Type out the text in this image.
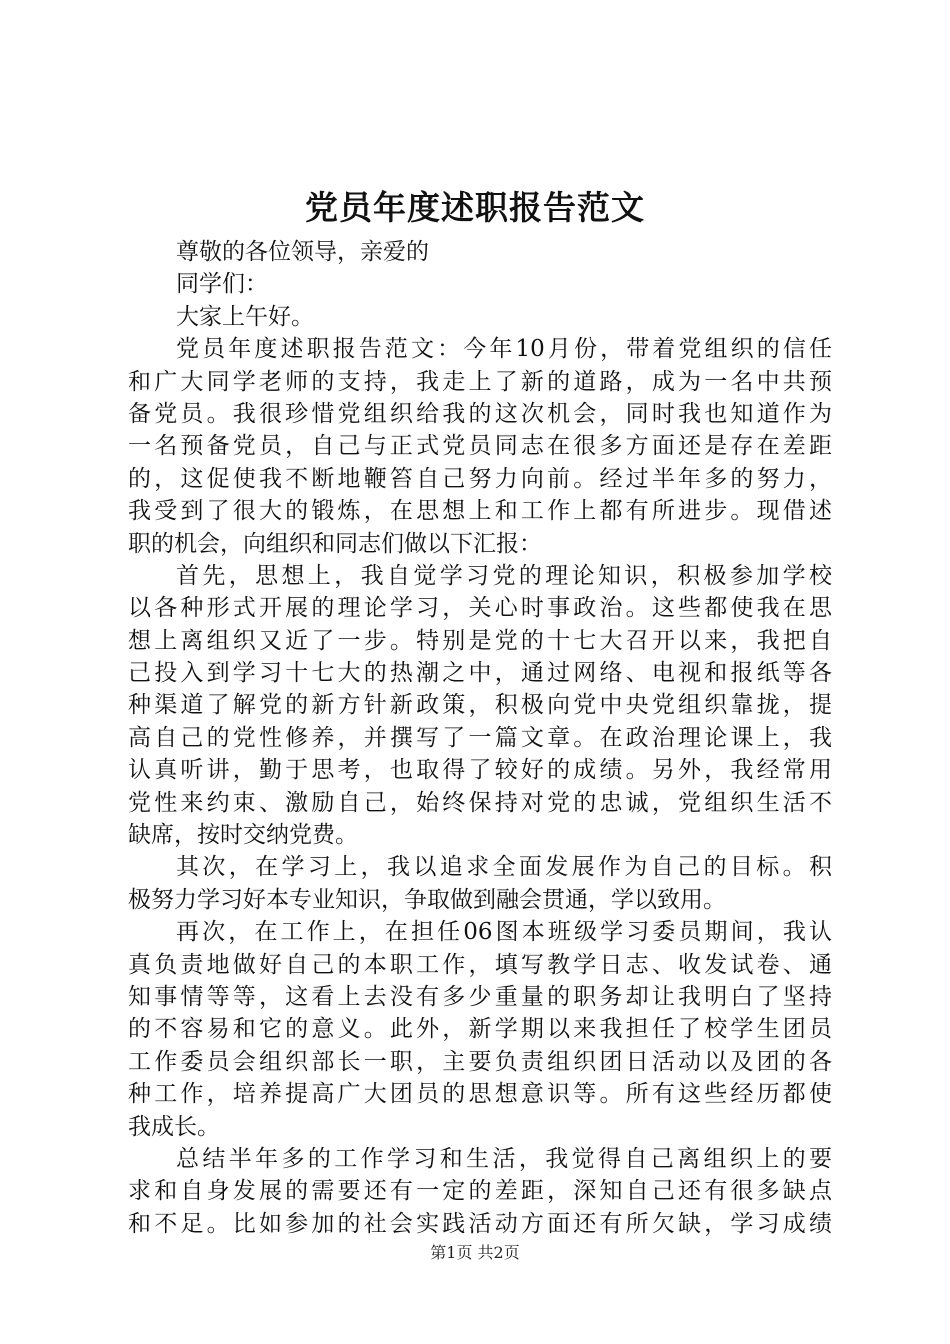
党员年度述职报告范文
尊敬的各位领导，亲爱的
同学们：
大家上午好。
党员年度述职报告范文：今年10月份，带着党组织的信任
和广大同学老师的支持，我走上了新的道路，成为一名中共预
备党员。我很珍惜党组织给我的这次机会，同时我也知道作为
一名预备党员，自己与正式党员同志在很多方面还是存在差距
的，这促使我不断地鞭笞自己努力向前。经过半年多的努力，
我受到了很大的锻炼，在思想上和工作上都有所进步。现借述
职的机会，向组织和同志们做以下汇报：
首先，思想上，我自觉学习党的理论知识，积极参加学校
以各种形式开展的理论学习，关心时事政治。这些都使我在思
想上离组织又近了一步。特别是党的十七大召开以来，我把自
己投入到学习十七大的热潮之中，通过网络、电视和报纸等各
种渠道了解党的新方针新政策，积极向党中央党组织靠拢，提
高自己的党性修养，并撰写了一篇文章。在政治理论课上，我
认真听讲，勤于思考，也取得了较好的成绩。另外，我经常用
党性来约束、激励自己，始终保持对党的忠诚，党组织生活不
缺席，按时交纳党费。
其次，在学习上，我以追求全面发展作为自己的目标。积
极努力学习好本专业知识，争取做到融会贯通，学以致用。
再次，在工作上，在担任06图本班级学习委员期间，我认
真负责地做好自己的本职工作，填写教学日志、收发试卷、通
知事情等等，这看上去没有多少重量的职务却让我明白了坚持
的不容易和它的意义。此外，新学期以来我担任了校学生团员
工作委员会组织部长一职，主要负责组织团日活动以及团的各
种工作，培养提高广大团员的思想意识等。所有这些经历都使
我成长。
总结半年多的工作学习和生活，我觉得自己离组织上的要
求和自身发展的需要还有一定的差距，深知自己还有很多缺点
和不足。比如参加的社会实践活动方面还有所欠缺，学习成绩
第1页 共2页
